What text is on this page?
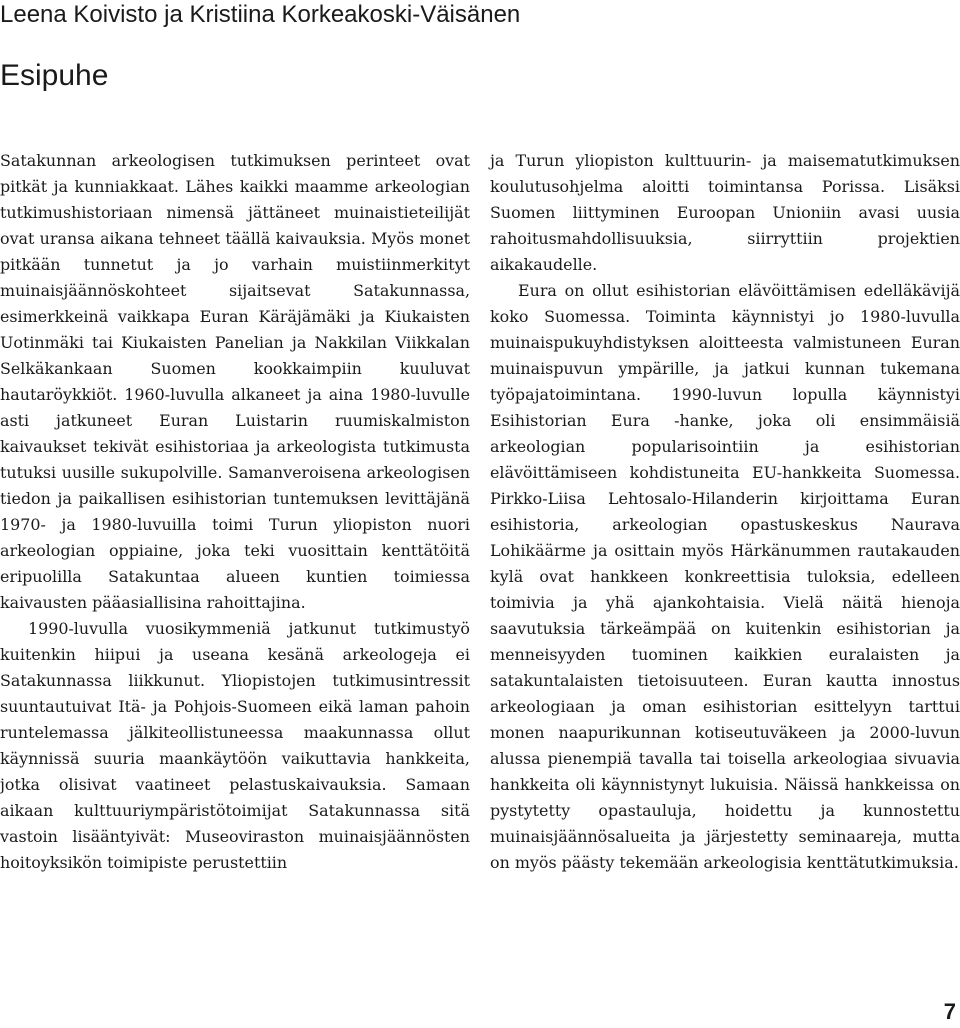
Leena Koivisto ja Kristiina Korkeakoski-Väisänen
Esipuhe

Satakunnan arkeologisen tutkimuksen perinteet ovat pitkät ja kunniakkaat. Lähes kaikki maamme arkeologian tutkimushistoriaan nimensä jättäneet muinaistieteilijät ovat uransa aikana tehneet täällä kaivauksia. Myös monet pitkään tunnetut ja jo varhain muistiinmerkityt muinaisjäännöskohteet sijaitsevat Satakunnassa, esimerkkeinä vaikkapa Euran Käräjämäki ja Kiukaisten Uotinmäki tai Kiukaisten Panelian ja Nakkilan Viikkalan Selkäkankaan Suomen kookkaimpiin kuuluvat hautaröykkiöt. 1960-luvulla alkaneet ja aina 1980-luvulle asti jatkuneet Euran Luistarin ruumiskalmiston kaivaukset tekivät esihistoriaa ja arkeologista tutkimusta tutuksi uusille sukupolville. Samanveroisena arkeologisen tiedon ja paikallisen esihistorian tuntemuksen levittäjänä 1970- ja 1980-luvuilla toimi Turun yliopiston nuori arkeologian oppiaine, joka teki vuosittain kenttätöitä eripuolilla Satakuntaa alueen kuntien toimiessa kaivausten pääasiallisina rahoittajina.

1990-luvulla vuosikymmeniä jatkunut tutkimustyö kuitenkin hiipui ja useana kesänä arkeologeja ei Satakunnassa liikkunut. Yliopistojen tutkimusintressit suuntautuivat Itä- ja Pohjois-Suomeen eikä laman pahoin runtelemassa jälkiteollistuneessa maakunnassa ollut käynnissä suuria maankäytöön vaikuttavia hankkeita, jotka olisivat vaatineet pelastuskaivauksia. Samaan aikaan kulttuuriympäristötoimijat Satakunnassa sitä vastoin lisääntyivät: Museoviraston muinaisjäännösten hoitoyksikön toimipiste perustettiin

ja Turun yliopiston kulttuurin- ja maisematutkimuksen koulutusohjelma aloitti toimintansa Porissa. Lisäksi Suomen liittyminen Euroopan Unioniin avasi uusia rahoitusmahdollisuuksia, siirryttiin projektien aikakaudelle.

Eura on ollut esihistorian elävöittämisen edelläkävijä koko Suomessa. Toiminta käynnistyi jo 1980-luvulla muinaispukuyhdistyksen aloitteesta valmistuneen Euran muinaispuvun ympärille, ja jatkui kunnan tukemana työpajatoimintana. 1990-luvun lopulla käynnistyi Esihistorian Eura -hanke, joka oli ensimmäisiä arkeologian popularisointiin ja esihistorian elävöittämiseen kohdistuneita EU-hankkeita Suomessa. Pirkko-Liisa Lehtosalo-Hilanderin kirjoittama Euran esihistoria, arkeologian opastuskeskus Naurava Lohikäärme ja osittain myös Härkänummen rautakauden kylä ovat hankkeen konkreettisia tuloksia, edelleen toimivia ja yhä ajankohtaisia. Vielä näitä hienoja saavutuksia tärkeämpää on kuitenkin esihistorian ja menneisyyden tuominen kaikkien euralaisten ja satakuntalaisten tietoisuuteen. Euran kautta innostus arkeologiaan ja oman esihistorian esittelyyn tarttui monen naapurikunnan kotiseutuväkeen ja 2000-luvun alussa pienempiä tavalla tai toisella arkeologiaa sivuavia hankkeita oli käynnistynyt lukuisia. Näissä hankkeissa on pystytetty opastauluja, hoidettu ja kunnostettu muinaisjäännösalueita ja järjestetty seminaareja, mutta on myös päästy tekemään arkeologisia kenttätutkimuksia.

7
